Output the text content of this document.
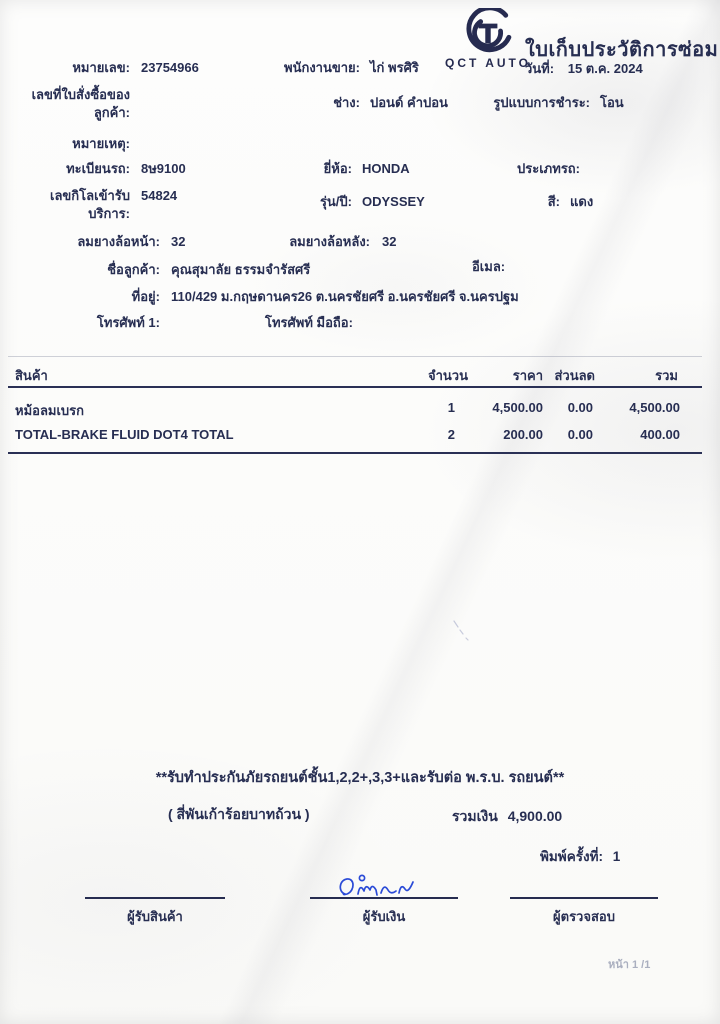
QCT AUTO
ใบเก็บประวัติการซ่อม
วันที่: 15 ต.ค. 2024
หมายเลข: 23754966	พนักงานขาย: ไก่ พรศิริ
เลขที่ใบสั่งซื้อของ
ลูกค้า:
ช่าง: ปอนด์ คำปอน	รูปแบบการชำระ: โอน
หมายเหตุ:
ทะเบียนรถ: 8ษ9100	ยี่ห้อ: HONDA	ประเภทรถ:
เลขกิโลเข้ารับ
บริการ:
54824	รุ่น/ปี: ODYSSEY	สี: แดง
ลมยางล้อหน้า: 32	ลมยางล้อหลัง: 32
ชื่อลูกค้า: คุณสุมาลัย ธรรมจำรัสศรี	อีเมล:
ที่อยู่: 110/429 ม.กฤษดานคร26 ต.นครชัยศรี อ.นครชัยศรี จ.นครปฐม
โทรศัพท์ 1:	โทรศัพท์ มือถือ:
สินค้า	จำนวน	ราคา ส่วนลด	รวม
หม้อลมเบรก	1	4,500.00	0.00	4,500.00
TOTAL-BRAKE FLUID DOT4 TOTAL	2	200.00	0.00	400.00
**รับทำประกันภัยรถยนต์ชั้น1,2,2+,3,3+และรับต่อ พ.ร.บ. รถยนต์**
( สี่พันเก้าร้อยบาทถ้วน )	รวมเงิน 4,900.00
พิมพ์ครั้งที่: 1
ผู้รับสินค้า	ผู้รับเงิน	ผู้ตรวจสอบ
หน้า 1 /1
